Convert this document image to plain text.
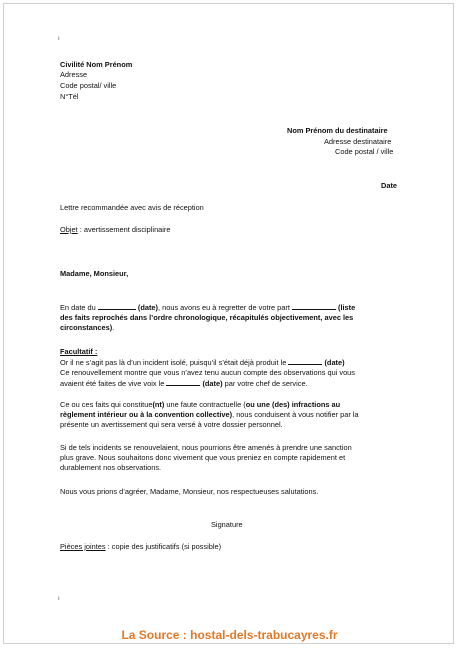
ı
ı
Civilité Nom Prénom
Adresse
Code postal/ ville
N°Tél
Nom Prénom du destinataire
Adresse destinataire
Code postal / ville
Date
Lettre recommandée avec avis de réception
Objet : avertissement disciplinaire
Madame, Monsieur,
En date du	(date), nous avons eu à regretter de votre part	(liste
des faits reprochés dans l’ordre chronologique, récapitulés objectivement, avec les
circonstances).
Facultatif :
Or il ne s’agit pas là d’un incident isolé, puisqu’il s’était déjà produit le	(date)
Ce renouvellement montre que vous n’avez tenu aucun compte des observations qui vous
avaient été faites de vive voix le	(date) par votre chef de service.
Ce ou ces faits qui constitue(nt) une faute contractuelle (ou une (des) infractions au
règlement intérieur ou à la convention collective), nous conduisent à vous notifier par la
présente un avertissement qui sera versé à votre dossier personnel.
Si de tels incidents se renouvelaient, nous pourrions être amenés à prendre une sanction
plus grave. Nous souhaitons donc vivement que vous preniez en compte rapidement et
durablement nos observations.
Nous vous prions d’agréer, Madame, Monsieur, nos respectueuses salutations.
Signature
Pièces jointes : copie des justificatifs (si possible)
La Source : hostal-dels-trabucayres.fr
